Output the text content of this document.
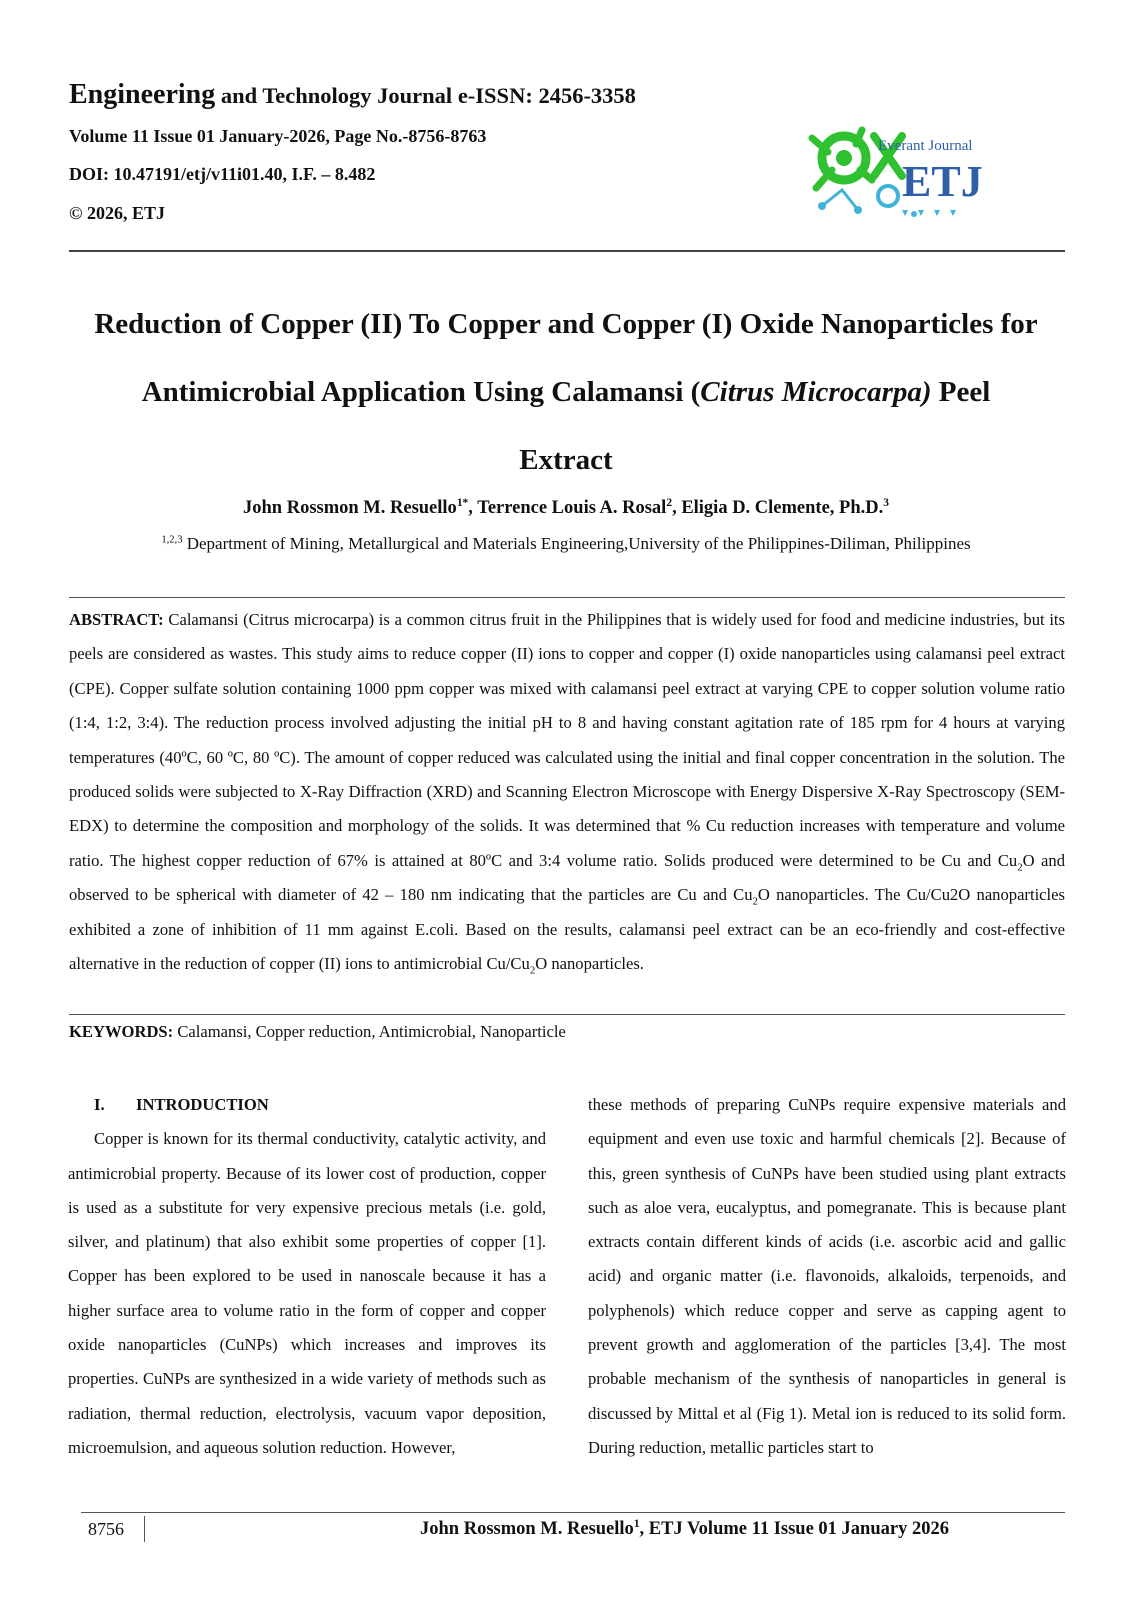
Engineering and Technology Journal e-ISSN: 2456-3358
Volume 11 Issue 01 January-2026, Page No.-8756-8763
DOI: 10.47191/etj/v11i01.40, I.F. – 8.482
© 2026, ETJ
Everant Journal
ETJ
Reduction of Copper (II) To Copper and Copper (I) Oxide Nanoparticles for
Antimicrobial Application Using Calamansi (Citrus Microcarpa) Peel
Extract
John Rossmon M. Resuello$^{1*}$, Terrence Louis A. Rosal$^2$, Eligia D. Clemente, Ph.D.$^3$
$^{1,2,3}$ Department of Mining, Metallurgical and Materials Engineering,University of the Philippines-Diliman, Philippines
ABSTRACT: Calamansi (Citrus microcarpa) is a common citrus fruit in the Philippines that is widely used for food and medicine industries, but its peels are considered as wastes. This study aims to reduce copper (II) ions to copper and copper (I) oxide nanoparticles using calamansi peel extract (CPE). Copper sulfate solution containing 1000 ppm copper was mixed with calamansi peel extract at varying CPE to copper solution volume ratio (1:4, 1:2, 3:4). The reduction process involved adjusting the initial pH to 8 and having constant agitation rate of 185 rpm for 4 hours at varying temperatures (40ºC, 60 ºC, 80 ºC). The amount of copper reduced was calculated using the initial and final copper concentration in the solution. The produced solids were subjected to X-Ray Diffraction (XRD) and Scanning Electron Microscope with Energy Dispersive X-Ray Spectroscopy (SEM-EDX) to determine the composition and morphology of the solids. It was determined that % Cu reduction increases with temperature and volume ratio. The highest copper reduction of 67% is attained at 80ºC and 3:4 volume ratio. Solids produced were determined to be Cu and $Cu_2O$ and observed to be spherical with diameter of 42 – 180 nm indicating that the particles are Cu and $Cu_2O$ nanoparticles. The Cu/Cu2O nanoparticles exhibited a zone of inhibition of 11 mm against E.coli. Based on the results, calamansi peel extract can be an eco-friendly and cost-effective alternative in the reduction of copper (II) ions to antimicrobial $Cu/Cu_2O$ nanoparticles.
KEYWORDS: Calamansi, Copper reduction, Antimicrobial, Nanoparticle
I. INTRODUCTION

Copper is known for its thermal conductivity, catalytic activity, and antimicrobial property. Because of its lower cost of production, copper is used as a substitute for very expensive precious metals (i.e. gold, silver, and platinum) that also exhibit some properties of copper [1]. Copper has been explored to be used in nanoscale because it has a higher surface area to volume ratio in the form of copper and copper oxide nanoparticles (CuNPs) which increases and improves its properties. CuNPs are synthesized in a wide variety of methods such as radiation, thermal reduction, electrolysis, vacuum vapor deposition, microemulsion, and aqueous solution reduction. However,

these methods of preparing CuNPs require expensive materials and equipment and even use toxic and harmful chemicals [2]. Because of this, green synthesis of CuNPs have been studied using plant extracts such as aloe vera, eucalyptus, and pomegranate. This is because plant extracts contain different kinds of acids (i.e. ascorbic acid and gallic acid) and organic matter (i.e. flavonoids, alkaloids, terpenoids, and polyphenols) which reduce copper and serve as capping agent to prevent growth and agglomeration of the particles [3,4]. The most probable mechanism of the synthesis of nanoparticles in general is discussed by Mittal et al (Fig 1). Metal ion is reduced to its solid form. During reduction, metallic particles start to

8756	John Rossmon M. Resuello$^1$, ETJ Volume 11 Issue 01 January 2026
